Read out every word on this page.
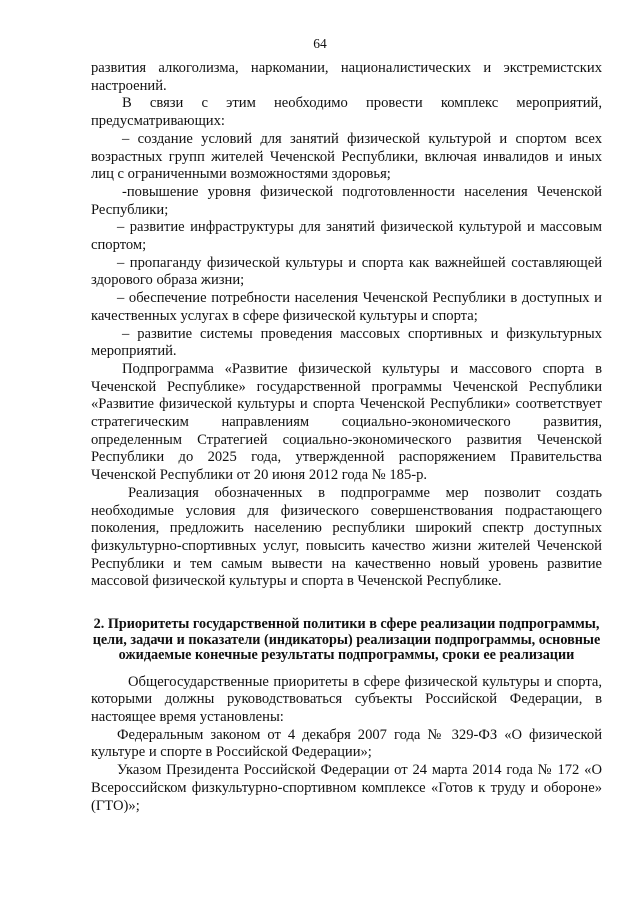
64

развития алкоголизма, наркомании, националистических и экстремистских настроений.

В связи с этим необходимо провести комплекс мероприятий, предусматривающих:

– создание условий для занятий физической культурой и спортом всех возрастных групп жителей Чеченской Республики, включая инвалидов и иных лиц с ограниченными возможностями здоровья;

-повышение уровня физической подготовленности населения Чеченской Республики;

– развитие инфраструктуры для занятий физической культурой и массовым спортом;

– пропаганду физической культуры и спорта как важнейшей составляющей здорового образа жизни;

– обеспечение потребности населения Чеченской Республики в доступных и качественных услугах в сфере физической культуры и спорта;

– развитие системы проведения массовых спортивных и физкультурных мероприятий.

Подпрограмма «Развитие физической культуры и массового спорта в Чеченской Республике» государственной программы Чеченской Республики «Развитие физической культуры и спорта Чеченской Республики» соответствует стратегическим направлениям социально-экономического развития, определенным Стратегией социально-экономического развития Чеченской Республики до 2025 года, утвержденной распоряжением Правительства Чеченской Республики от 20 июня 2012 года № 185-р.

Реализация обозначенных в подпрограмме мер позволит создать необходимые условия для физического совершенствования подрастающего поколения, предложить населению республики широкий спектр доступных физкультурно-спортивных услуг, повысить качество жизни жителей Чеченской Республики и тем самым вывести на качественно новый уровень развитие массовой физической культуры и спорта в Чеченской Республике.

2. Приоритеты государственной политики в сфере реализации подпрограммы, цели, задачи и показатели (индикаторы) реализации подпрограммы, основные ожидаемые конечные результаты подпрограммы, сроки ее реализации

Общегосударственные приоритеты в сфере физической культуры и спорта, которыми должны руководствоваться субъекты Российской Федерации, в настоящее время установлены:

Федеральным законом от 4 декабря 2007 года № 329-ФЗ «О физической культуре и спорте в Российской Федерации»;

Указом Президента Российской Федерации от 24 марта 2014 года № 172 «О Всероссийском физкультурно-спортивном комплексе «Готов к труду и обороне» (ГТО)»;
